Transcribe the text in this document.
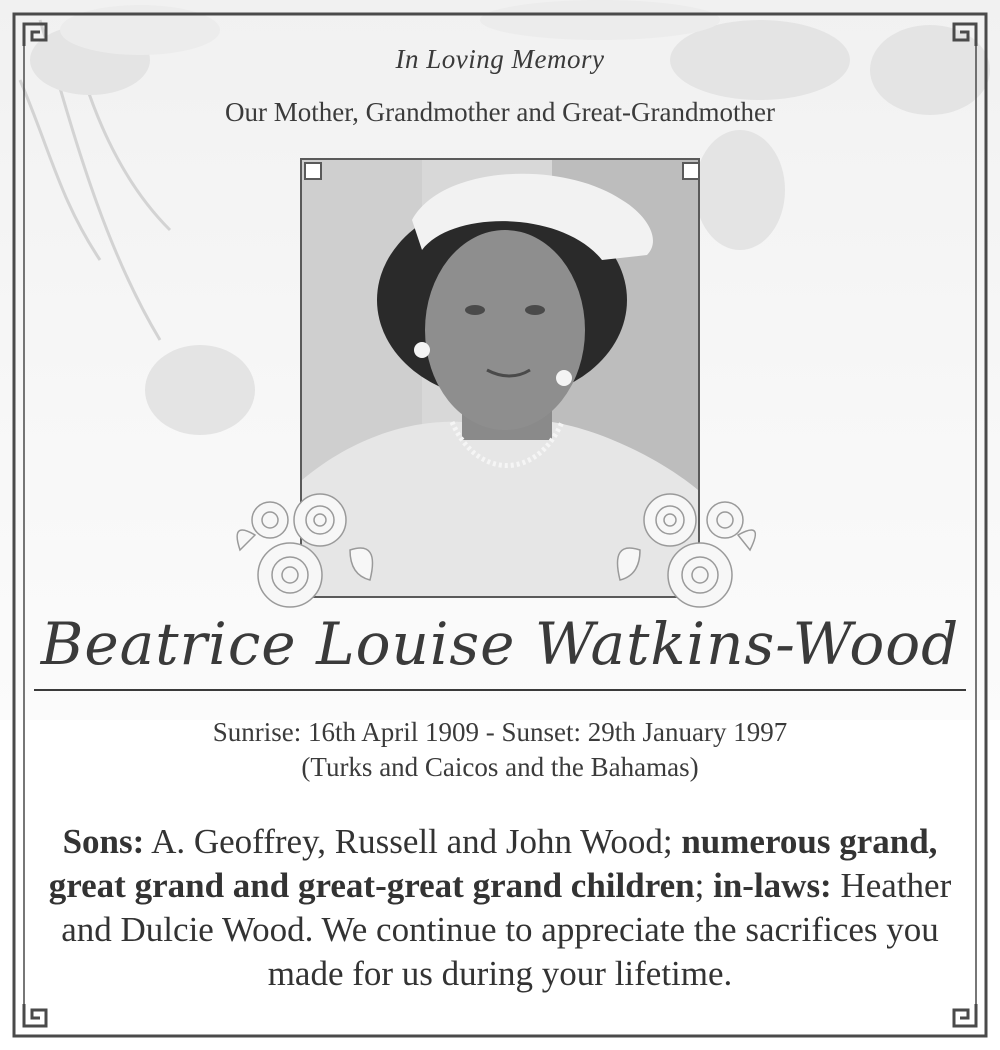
In Loving Memory
Our Mother, Grandmother and Great-Grandmother
Beatrice Louise Watkins-Wood
Sunrise: 16th April 1909 - Sunset: 29th January 1997
(Turks and Caicos and the Bahamas)
Sons: A. Geoffrey, Russell and John Wood; numerous grand, great grand and great-great grand children; in-laws: Heather and Dulcie Wood. We continue to appreciate the sacrifices you made for us during your lifetime.
